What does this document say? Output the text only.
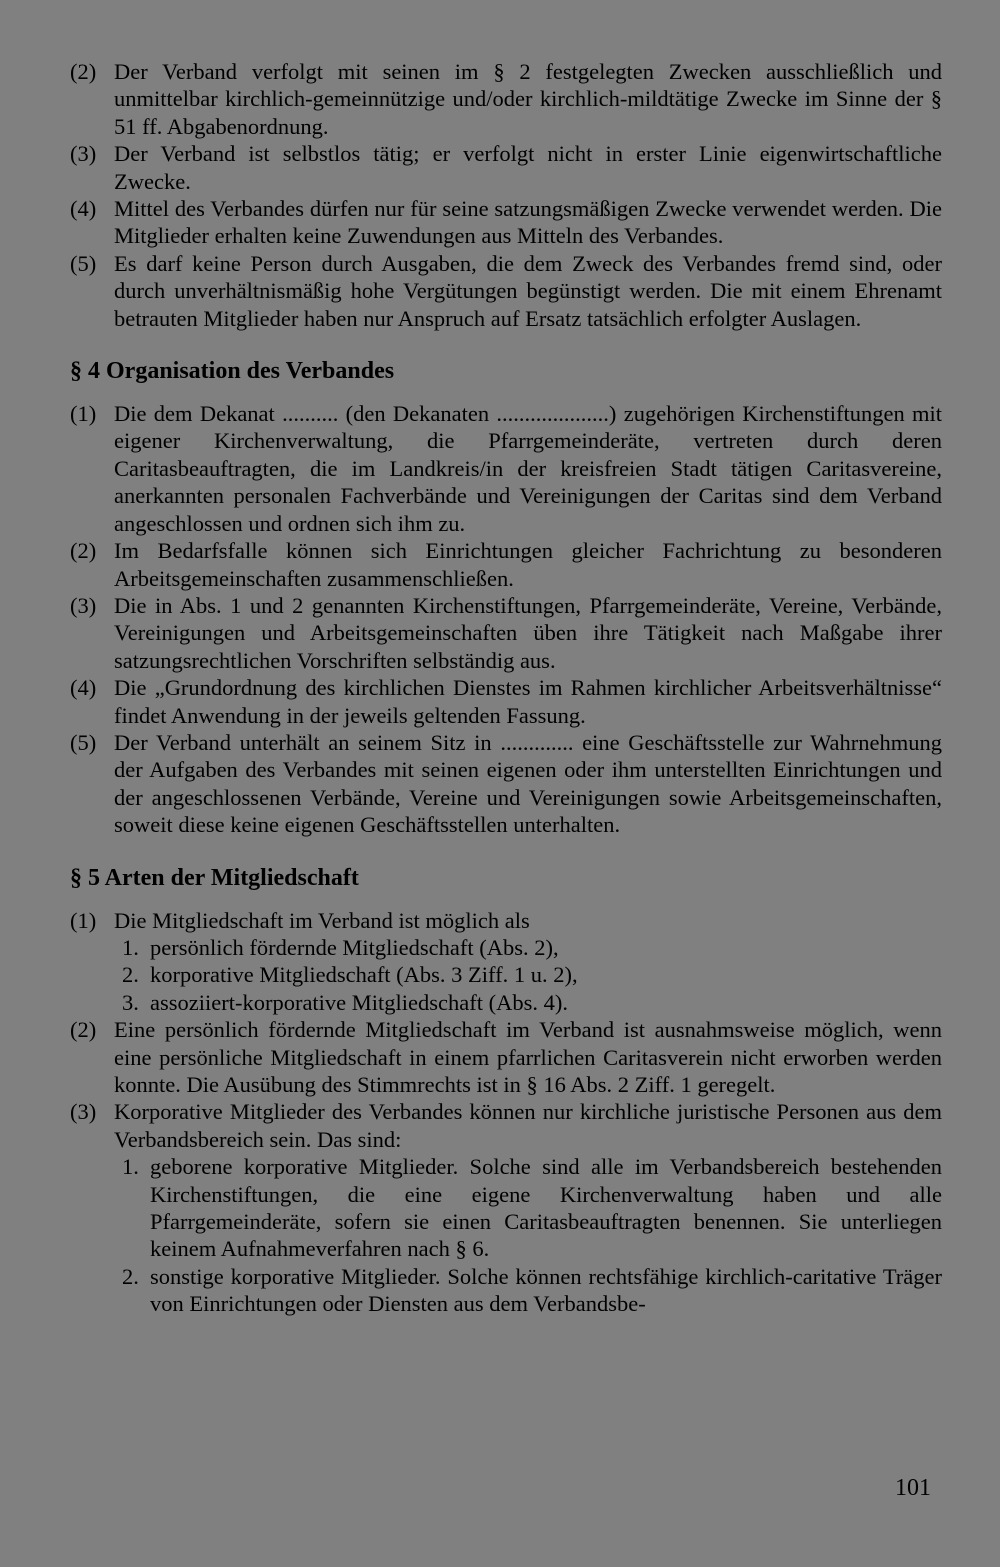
(2) Der Verband verfolgt mit seinen im § 2 festgelegten Zwecken ausschließlich und unmittelbar kirchlich-gemeinnützige und/oder kirchlich-mildtätige Zwecke im Sinne der § 51 ff. Abgabenordnung.
(3) Der Verband ist selbstlos tätig; er verfolgt nicht in erster Linie eigenwirtschaftliche Zwecke.
(4) Mittel des Verbandes dürfen nur für seine satzungsmäßigen Zwecke verwendet werden. Die Mitglieder erhalten keine Zuwendungen aus Mitteln des Verbandes.
(5) Es darf keine Person durch Ausgaben, die dem Zweck des Verbandes fremd sind, oder durch unverhältnismäßig hohe Vergütungen begünstigt werden. Die mit einem Ehrenamt betrauten Mitglieder haben nur Anspruch auf Ersatz tatsächlich erfolgter Auslagen.
§ 4 Organisation des Verbandes
(1) Die dem Dekanat .......... (den Dekanaten ....................) zugehörigen Kirchenstiftungen mit eigener Kirchenverwaltung, die Pfarrgemeinderäte, vertreten durch deren Caritasbeauftragten, die im Landkreis/in der kreisfreien Stadt tätigen Caritasvereine, anerkannten personalen Fachverbände und Vereinigungen der Caritas sind dem Verband angeschlossen und ordnen sich ihm zu.
(2) Im Bedarfsfalle können sich Einrichtungen gleicher Fachrichtung zu besonderen Arbeitsgemeinschaften zusammenschließen.
(3) Die in Abs. 1 und 2 genannten Kirchenstiftungen, Pfarrgemeinderäte, Vereine, Verbände, Vereinigungen und Arbeitsgemeinschaften üben ihre Tätigkeit nach Maßgabe ihrer satzungsrechtlichen Vorschriften selbständig aus.
(4) Die „Grundordnung des kirchlichen Dienstes im Rahmen kirchlicher Arbeitsverhältnisse“ findet Anwendung in der jeweils geltenden Fassung.
(5) Der Verband unterhält an seinem Sitz in ............. eine Geschäftsstelle zur Wahrnehmung der Aufgaben des Verbandes mit seinen eigenen oder ihm unterstellten Einrichtungen und der angeschlossenen Verbände, Vereine und Vereinigungen sowie Arbeitsgemeinschaften, soweit diese keine eigenen Geschäftsstellen unterhalten.
§ 5 Arten der Mitgliedschaft
(1) Die Mitgliedschaft im Verband ist möglich als
1. persönlich fördernde Mitgliedschaft (Abs. 2),
2. korporative Mitgliedschaft (Abs. 3 Ziff. 1 u. 2),
3. assoziiert-korporative Mitgliedschaft (Abs. 4).
(2) Eine persönlich fördernde Mitgliedschaft im Verband ist ausnahmsweise möglich, wenn eine persönliche Mitgliedschaft in einem pfarrlichen Caritasverein nicht erworben werden konnte. Die Ausübung des Stimmrechts ist in § 16 Abs. 2 Ziff. 1 geregelt.
(3) Korporative Mitglieder des Verbandes können nur kirchliche juristische Personen aus dem Verbandsbereich sein. Das sind:
1. geborene korporative Mitglieder. Solche sind alle im Verbandsbereich bestehenden Kirchenstiftungen, die eine eigene Kirchenverwaltung haben und alle Pfarrgemeinderäte, sofern sie einen Caritasbeauftragten benennen. Sie unterliegen keinem Aufnahmeverfahren nach § 6.
2. sonstige korporative Mitglieder. Solche können rechtsfähige kirchlich-caritative Träger von Einrichtungen oder Diensten aus dem Verbandsbe-
101
